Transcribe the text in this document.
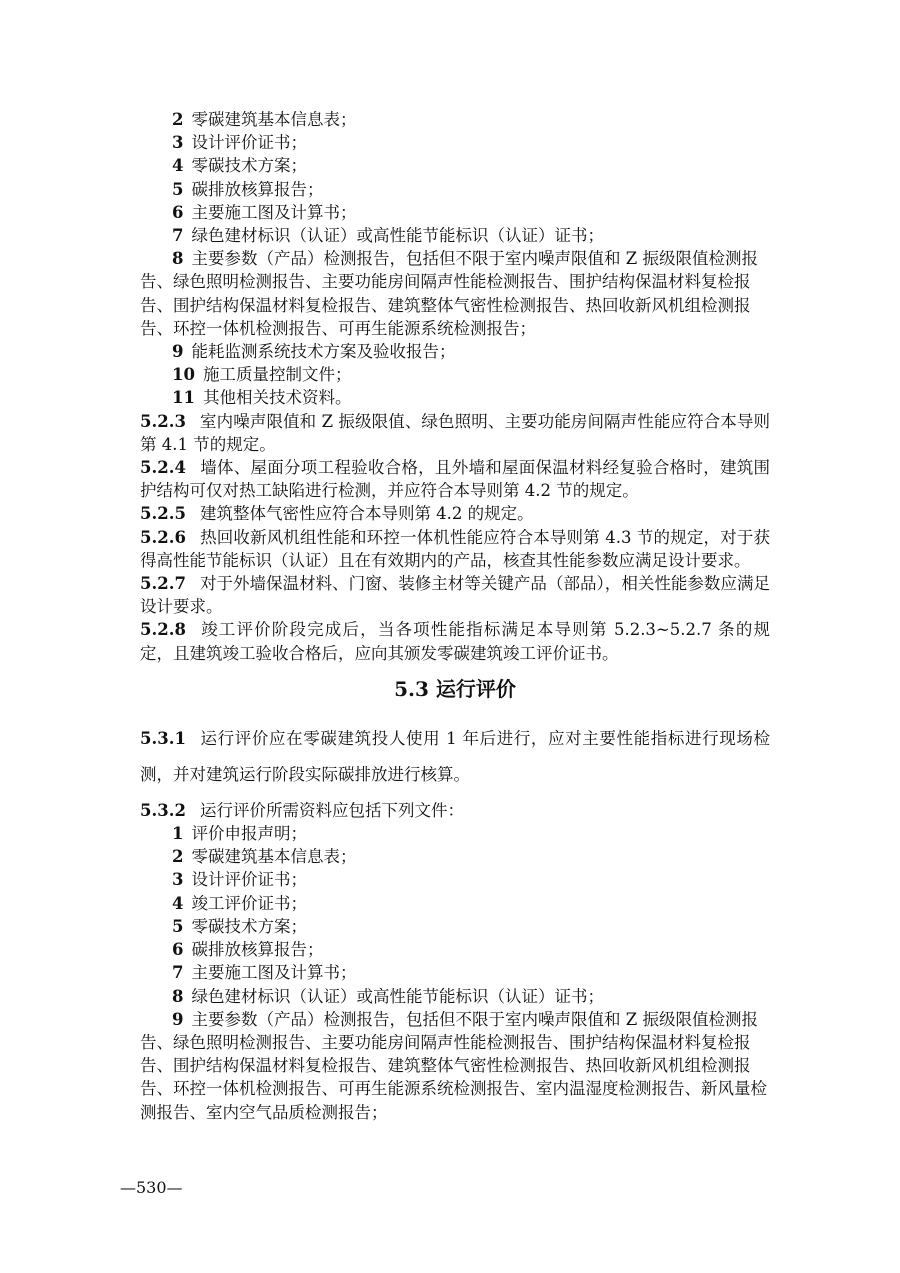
2 零碳建筑基本信息表；
3 设计评价证书；
4 零碳技术方案；
5 碳排放核算报告；
6 主要施工图及计算书；
7 绿色建材标识（认证）或高性能节能标识（认证）证书；
8 主要参数（产品）检测报告，包括但不限于室内噪声限值和 Z 振级限值检测报告、绿色照明检测报告、主要功能房间隔声性能检测报告、围护结构保温材料复检报告、围护结构保温材料复检报告、建筑整体气密性检测报告、热回收新风机组检测报告、环控一体机检测报告、可再生能源系统检测报告；
9 能耗监测系统技术方案及验收报告；
10 施工质量控制文件；
11 其他相关技术资料。
5.2.3 室内噪声限值和 Z 振级限值、绿色照明、主要功能房间隔声性能应符合本导则第 4.1 节的规定。
5.2.4 墙体、屋面分项工程验收合格，且外墙和屋面保温材料经复验合格时，建筑围护结构可仅对热工缺陷进行检测，并应符合本导则第 4.2 节的规定。
5.2.5 建筑整体气密性应符合本导则第 4.2 的规定。
5.2.6 热回收新风机组性能和环控一体机性能应符合本导则第 4.3 节的规定，对于获得高性能节能标识（认证）且在有效期内的产品，核查其性能参数应满足设计要求。
5.2.7 对于外墙保温材料、门窗、装修主材等关键产品（部品），相关性能参数应满足设计要求。
5.2.8 竣工评价阶段完成后，当各项性能指标满足本导则第 5.2.3~5.2.7 条的规定，且建筑竣工验收合格后，应向其颁发零碳建筑竣工评价证书。
5.3 运行评价
5.3.1 运行评价应在零碳建筑投人使用 1 年后进行，应对主要性能指标进行现场检测，并对建筑运行阶段实际碳排放进行核算。
5.3.2 运行评价所需资料应包括下列文件：
1 评价申报声明；
2 零碳建筑基本信息表；
3 设计评价证书；
4 竣工评价证书；
5 零碳技术方案；
6 碳排放核算报告；
7 主要施工图及计算书；
8 绿色建材标识（认证）或高性能节能标识（认证）证书；
9 主要参数（产品）检测报告，包括但不限于室内噪声限值和 Z 振级限值检测报告、绿色照明检测报告、主要功能房间隔声性能检测报告、围护结构保温材料复检报告、围护结构保温材料复检报告、建筑整体气密性检测报告、热回收新风机组检测报告、环控一体机检测报告、可再生能源系统检测报告、室内温湿度检测报告、新风量检测报告、室内空气品质检测报告；
—530—
